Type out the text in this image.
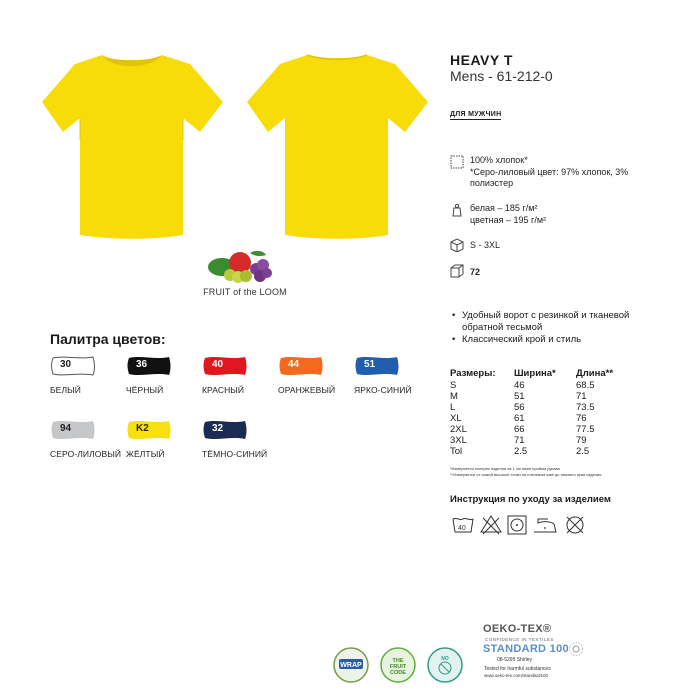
FRUIT of the LOOM
HEAVY T
Mens - 61-212-0
ДЛЯ МУЖЧИН
100% хлопок*
*Серо-лиловый цвет: 97% хлопок, 3%
полиэстер
белая – 185 г/м²
цветная – 195 г/м²
S - 3XL
72
• Удобный ворот с резинкой и тканевой обратной тесьмой
• Классический крой и стиль
Размеры:	Ширина*	Длина**
S	46	68.5
M	51	71
L	56	73.5
XL	61	76
2XL	66	77.5
3XL	71	79
Tol	2.5	2.5
*Измеряется поперек изделия на 1 см ниже пройма рукава
**Измеряется от самой высокой точки на плечевом шве до нижнего края изделия
Инструкция по уходу за изделием
40
Палитра цветов:
30
БЕЛЫЙ
36
ЧЁРНЫЙ
40
КРАСНЫЙ
44
ОРАНЖЕВЫЙ
51
ЯРКО-СИНИЙ
94
СЕРО-ЛИЛОВЫЙ
K2
ЖЁЛТЫЙ
32
ТЁМНО-СИНИЙ
WRAP
THE
FRUIT
CODE
NO
OEKO-TEX®
CONFIDENCE IN TEXTILES
STANDARD 100
08-5295 Shirley
Tested for harmful substances
www.oeko-tex.com/standard100
